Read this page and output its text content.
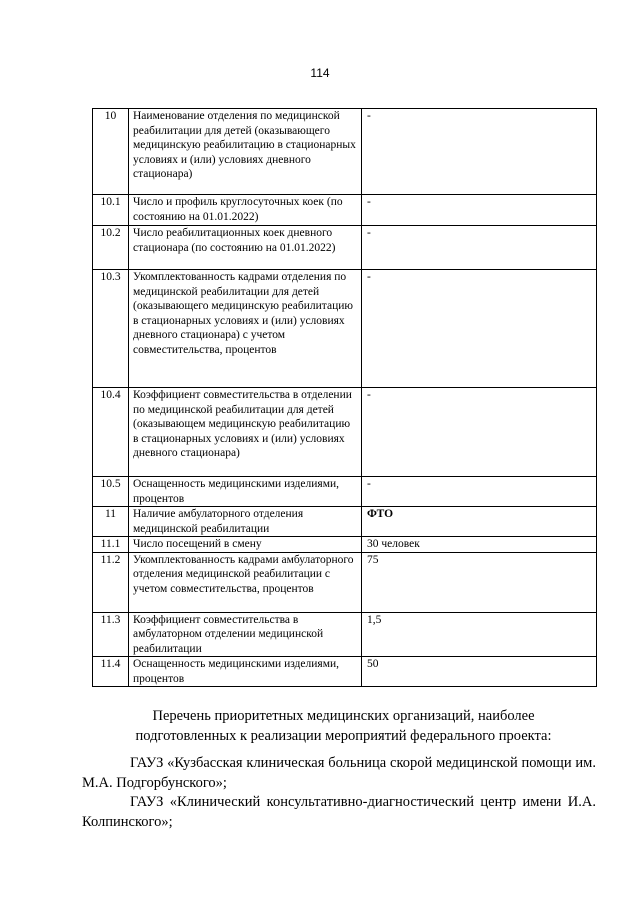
114
10	Наименование отделения по медицинской реабилитации для детей (оказывающего медицинскую реабилитацию в стационарных условиях и (или) условиях дневного стационара)	-
10.1	Число и профиль круглосуточных коек (по состоянию на 01.01.2022)	-
10.2	Число реабилитационных коек дневного стационара (по состоянию на 01.01.2022)	-
10.3	Укомплектованность кадрами отделения по медицинской реабилитации для детей (оказывающего медицинскую реабилитацию в стационарных условиях и (или) условиях дневного стационара) с учетом совместительства, процентов	-
10.4	Коэффициент совместительства в отделении по медицинской реабилитации для детей (оказывающем медицинскую реабилитацию в стационарных условиях и (или) условиях дневного стационара)	-
10.5	Оснащенность медицинскими изделиями, процентов	-
11	Наличие амбулаторного отделения медицинской реабилитации	ФТО
11.1	Число посещений в смену	30 человек
11.2	Укомплектованность кадрами амбулаторного отделения медицинской реабилитации с учетом совместительства, процентов	75
11.3	Коэффициент совместительства в амбулаторном отделении медицинской реабилитации	1,5
11.4	Оснащенность медицинскими изделиями, процентов	50
Перечень приоритетных медицинских организаций, наиболее
подготовленных к реализации мероприятий федерального проекта:

ГАУЗ «Кузбасская клиническая больница скорой медицинской помощи им. М.А. Подгорбунского»;

ГАУЗ «Клинический консультативно-диагностический центр имени И.А. Колпинского»;
